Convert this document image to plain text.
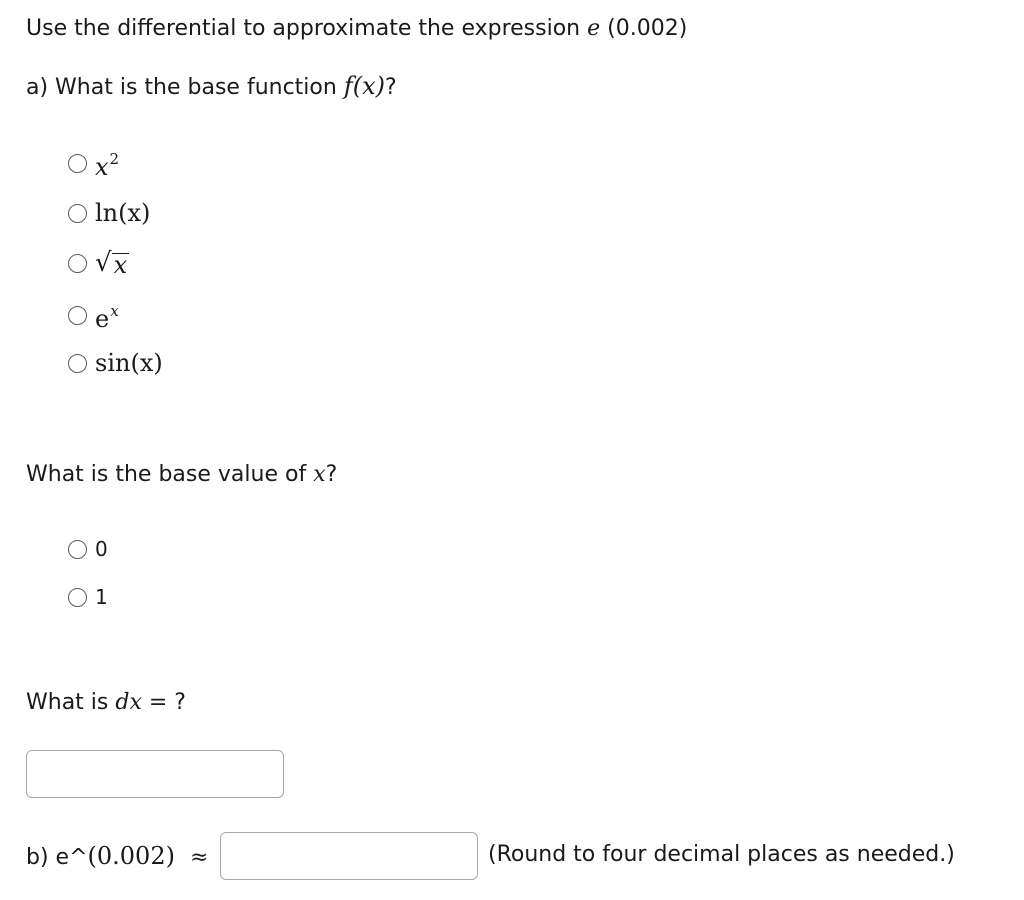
Use the differential to approximate the expression e (0.002)
a) What is the base function f(x)?
$x^2$
ln(x)
√ x
$e^x$
sin(x)
What is the base value of x?
0
1
What is dx = ?
b) e^(0.002) ≈	(Round to four decimal places as needed.)
